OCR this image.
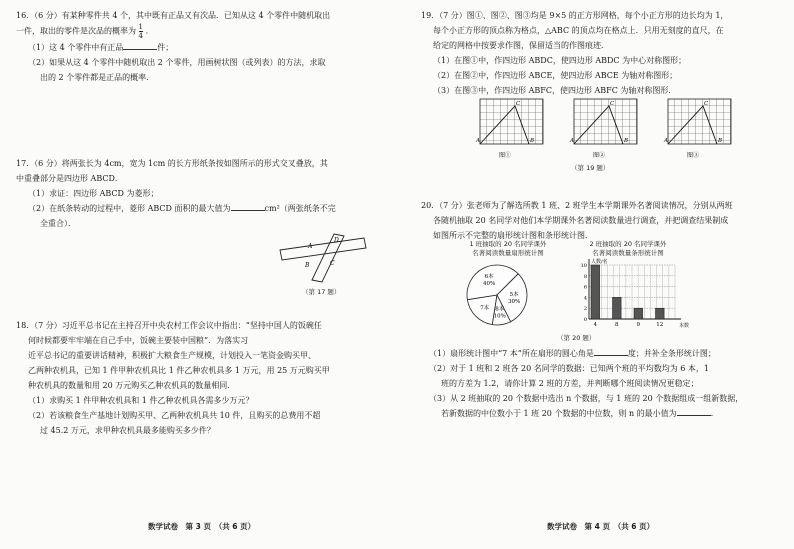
16．（6 分）有某种零件共 4 个，其中既有正品又有次品．已知从这 4 个零件中随机取出

一件，取出的零件是次品的概率为 $\frac{1}{4}$ ．

（1）这 4 个零件中有正品	件；

（2）如果从这 4 个零件中随机取出 2 个零件，用画树状图（或列表）的方法，求取

出的 2 个零件都是正品的概率．

17．（6 分）将两张长为 4cm，宽为 1cm 的长方形纸条按如图所示的形式交叉叠放，其

中重叠部分是四边形 ABCD．

（1）求证：四边形 ABCD 为菱形；

（2）在纸条转动的过程中，菱形 ABCD 面积的最大值为	cm²（两张纸条不完

全重合）．

A
D
B	C
（第 17 题）

18．（7 分）习近平总书记在主持召开中央农村工作会议中指出：“坚持中国人的饭碗任

何时候都要牢牢端在自己手中，饭碗主要装中国粮”．为落实习

近平总书记的重要讲话精神，积极扩大粮食生产规模，计划投入一笔资金购买甲、

乙两种农机具，已知 1 件甲种农机具比 1 件乙种农机具多 1 万元，用 25 万元购买甲

种农机具的数量和用 20 万元购买乙种农机具的数量相同．

（1）求购买 1 件甲种农机具和 1 件乙种农机具各需多少万元？

（2）若该粮食生产基地计划购买甲、乙两种农机具共 10 件，且购买的总费用不超

过 45.2 万元，求甲种农机具最多能购买多少件？

数学试卷　第 3 页　（共 6 页）

19．（7 分）图①、图②、图③均是 9×5 的正方形网格，每个小正方形的边长均为 1，

每个小正方形的顶点称为格点，△ABC 的顶点均在格点上．只用无刻度的直尺，在

给定的网格中按要求作图，保留适当的作图痕迹．

（1）在图①中，作四边形 ABDC，使四边形 ABDC 为中心对称图形；

（2）在图②中，作四边形 ABCE，使四边形 ABCE 为轴对称图形；

（3）在图③中，作四边形 ABFC，使四边形 ABFC 为轴对称图形．

A	B
C
图①
A	B
C
图②
A	B
C
图③
（第 19 题）

20．（7 分）张老师为了解选所教 1 班、2 班学生本学期课外名著阅读情况，分别从两班

各随机抽取 20 名同学对他们本学期课外名著阅读数量进行调查，并把调查结果制成

如图所示不完整的扇形统计图和条形统计图．

1 班抽取的 20 名同学课外
名著阅读数量扇形统计图
2 班抽取的 20 名同学课外
名著阅读数量条形统计图
7本
6本
40%
5本
30%
8本
10%
0
2
4
6
8
10
人数/名
本数
4	8	9	12
（第 20 题）

（1）扇形统计图中“7 本”所在扇形的圆心角是	度；并补全条形统计图；

（2）对于 1 班和 2 班各 20 名同学的数据：已知两个班的平均数均为 6 本，1

班的方差为 1.2，请你计算 2 班的方差，并判断哪个班阅读情况更稳定；

（3）从 2 班抽取的 20 个数据中选出 n 个数据，与 1 班的 20 个数据组成一组新数据，

若新数据的中位数小于 1 班 20 个数据的中位数，则 n 的最小值为	．

数学试卷　第 4 页　（共 6 页）
